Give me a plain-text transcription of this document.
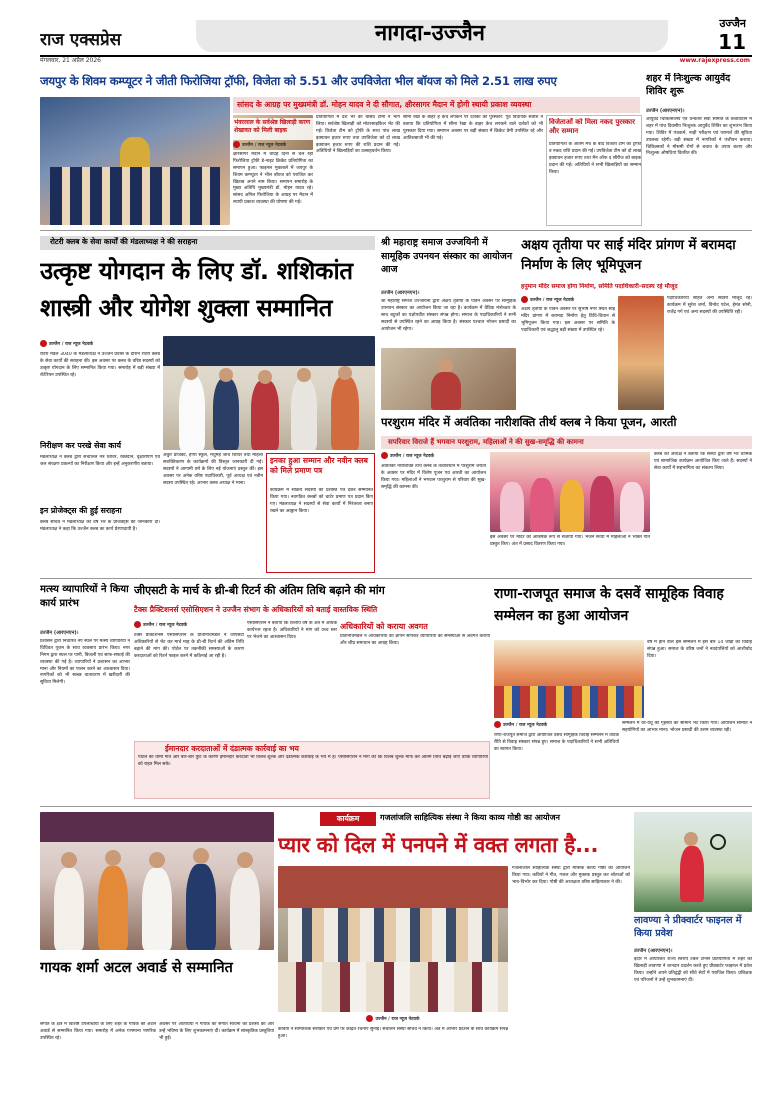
राज एक्सप्रेस	नागदा-उज्जैन	उज्जैन
11
मंगलवार, 21 अप्रैल 2026	www.rajexpress.com
जयपुर के शिवम कम्प्यूटर ने जीती फिरोजिया ट्रॉफी, विजेता को 5.51 और उपविजेता भील बॉयज को मिले 2.51 लाख रुपए
सांसद के आग्रह पर मुख्यमंत्री डॉ. मोहन यादव ने दी सौगात, क्षीरसागर मैदान में होगी स्थायी प्रकाश व्यवस्था
भंवरलाल के सर्वश्रेष्ठ खिलाड़ी करण शेखावत को मिली बाइक
उज्जैन / राज न्यूज नेटवर्क
क्षीरसागर मैदान में चौदह दिनों से चल रही फिरोजिया ट्रॉफी डे-नाइट क्रिकेट प्रतियोगिता का समापन हुआ। फाइनल मुकाबले में जयपुर के शिवम कम्प्यूटर ने भील बॉयज को पराजित कर खिताब अपने नाम किया। समापन समारोह के मुख्य अतिथि मुख्यमंत्री डॉ. मोहन यादव रहे। सांसद अनिल फिरोजिया के आग्रह पर मैदान में स्थायी प्रकाश व्यवस्था की घोषणा की गई।
प्रतियोगिता में देश भर की चौंसठ टीमों ने भाग लिया। सर्वश्रेष्ठ खिलाड़ी को मोटरसाइकिल भेंट की गई। विजेता टीम को ट्रॉफी के साथ पांच लाख इक्यावन हजार रुपए तथा उपविजेता को दो लाख इक्यावन हजार रुपए की राशि प्रदान की गई। अतिथियों ने खिलाड़ियों का उत्साहवर्धन किया।
सीमा रेखा के बाहर हैं केच लपकने पर दर्शकों को पुरस्कार: पूर्व विधायक सतीश ने बताया कि प्रतियोगिता में सीमा रेखा के बाहर केच लपकने वाले दर्शकों को भी पुरस्कार दिया गया। समापन अवसर पर बड़ी संख्या में क्रिकेट प्रेमी उपस्थित रहे और आतिशबाजी भी की गई।
विजेताओं को मिला नकद पुरस्कार और सम्मान
प्रतियोगिता के अंतिम मैच के बाद विजेता टीम को ट्रॉफी व नकद राशि प्रदान की गई। उपविजेता टीम को दो लाख इक्यावन हजार रुपए तथा मैन ऑफ द सीरीज को बाइक प्रदान की गई। अतिथियों ने सभी खिलाड़ियों का सम्मान किया।
शहर में निःशुल्क आयुर्वेद शिविर शुरू
उज्जैन (आरएनएन)।
आयुर्वेद चिकित्सालय एवं धन्वंतरि सेवा समिति के तत्वावधान में शहर में पांच दिवसीय निःशुल्क आयुर्वेद शिविर का शुभारंभ किया गया। शिविर में पंचकर्म, नाड़ी परीक्षण एवं परामर्श की सुविधा उपलब्ध रहेगी। बड़ी संख्या में नागरिकों ने पंजीयन कराया। चिकित्सकों ने मौसमी रोगों से बचाव के उपाय बताए और निःशुल्क औषधियां वितरित की।
रोटरी क्लब के सेवा कार्यों की मंडलाध्यक्ष ने की सराहना
उत्कृष्ट योगदान के लिए डॉ. शशिकांत शास्त्री और योगेश शुक्ला सम्मानित
उज्जैन / राज न्यूज नेटवर्क
रोटरी मंडल 3040 के मंडलाध्यक्ष ने उज्जैन प्रवास के दौरान रोटरी क्लब के सेवा कार्यों की सराहना की। इस अवसर पर क्लब के वरिष्ठ सदस्यों को उत्कृष्ट योगदान के लिए सम्मानित किया गया। समारोह में बड़ी संख्या में रोटेरियन उपस्थित रहे।
निरीक्षण कर परखे सेवा कार्य
मंडलाध्यक्ष ने क्लब द्वारा संचालित नेत्र शिविर, रक्तदान, वृक्षारोपण एवं जल संरक्षण प्रकल्पों का निरीक्षण किया और इन्हें अनुकरणीय बताया।
इन प्रोजेक्ट्स की हुई सराहना
क्लब सचिव ने मंडलाध्यक्ष को वर्ष भर के प्रोजेक्ट्स की जानकारी दी। मंडलाध्यक्ष ने कहा कि उज्जैन क्लब का कार्य प्रेरणादायी है।
अंकुर प्रोजेक्ट, हैप्पी स्कूल, मधुमेह जांच शिविर तथा महिला सशक्तिकरण के कार्यक्रमों की विस्तृत जानकारी दी गई। सदस्यों ने आगामी वर्ष के लिए नई योजनाएं प्रस्तुत कीं। इस अवसर पर अनेक वरिष्ठ पदाधिकारी, पूर्व अध्यक्ष एवं नवीन सदस्य उपस्थित रहे। आभार क्लब अध्यक्ष ने माना।
इनका हुआ सम्मान और नवीन क्लब को मिले प्रमाण पत्र
कार्यक्रम में सक्रिय सदस्यों को प्रशस्ति पत्र देकर सम्मानित किया गया। नवगठित क्लबों को चार्टर प्रमाण पत्र प्रदान किए गए। मंडलाध्यक्ष ने सदस्यों से सेवा कार्यों में निरंतरता बनाए रखने का आह्वान किया।
श्री महाराष्ट्र समाज उज्जयिनी में सामूहिक उपनयन संस्कार का आयोजन आज
उज्जैन (आरएनएन)।
श्री महाराष्ट्र समाज उज्जयिनी द्वारा अक्षय तृतीया के पावन अवसर पर सामूहिक उपनयन संस्कार का आयोजन किया जा रहा है। कार्यक्रम में वैदिक मंत्रोच्चार के साथ बटुकों का यज्ञोपवीत संस्कार संपन्न होगा। समाज के पदाधिकारियों ने सभी सदस्यों से उपस्थित रहने का आग्रह किया है। संस्कार पश्चात भोजन प्रसादी का आयोजन भी रहेगा।
अक्षय तृतीया पर साई मंदिर प्रांगण में बरामदा निर्माण के लिए भूमिपूजन
हनुमान मंदिर समाज होगा निर्माण, समिति पदाधिकारी-सदस्य रहे मौजूद
उज्जैन / राज न्यूज नेटवर्क
अक्षय तृतीया के पावन अवसर पर सुभाष नगर स्थित साई मंदिर प्रांगण में बरामदा निर्माण हेतु विधि-विधान से भूमिपूजन किया गया। इस अवसर पर समिति के पदाधिकारी एवं श्रद्धालु बड़ी संख्या में उपस्थित रहे।
पदाधिकारियों सहित अन्य सदस्य मौजूद रहे। कार्यक्रम में सुरेश शर्मा, विनोद पटेल, हेमंत सोनी, राजेंद्र गर्ग एवं अन्य सदस्यों की उपस्थिति रही।
परशुराम मंदिर में अवंतिका नारीशक्ति तीर्थ क्लब ने किया पूजन, आरती
सपरिवार विराजे हैं भगवान परशुराम, महिलाओं ने की सुख-समृद्धि की कामना
उज्जैन / राज न्यूज नेटवर्क
अवंतिका नारीशक्ति तीर्थ क्लब के तत्वावधान में परशुराम जयंती के अवसर पर मंदिर में विशेष पूजन एवं आरती का आयोजन किया गया। महिलाओं ने भगवान परशुराम से परिवार की सुख-समृद्धि की कामना की।
इस अवसर पर मंदिर को आकर्षक रूप से सजाया गया। भजन संध्या में महिलाओं ने भक्ति गीत प्रस्तुत किए। अंत में प्रसाद वितरण किया गया।
क्लब की अध्यक्ष ने बताया कि संस्था द्वारा वर्ष भर धार्मिक एवं सामाजिक कार्यक्रम आयोजित किए जाते हैं। सदस्यों ने सेवा कार्यों में सहभागिता का संकल्प लिया।
मत्स्य व्यापारियों ने किया कार्य प्रारंभ
उज्जैन (आरएनएन)।
प्रशासन द्वारा निर्धारित नए स्थल पर मत्स्य व्यापारियों ने विधिवत पूजन के साथ व्यवसाय प्रारंभ किया। नगर निगम द्वारा स्थल पर पानी, बिजली एवं साफ-सफाई की व्यवस्था की गई है। व्यापारियों ने प्रशासन का आभार माना और नियमों का पालन करने का आश्वासन दिया। नागरिकों को भी स्वच्छ वातावरण में खरीदारी की सुविधा मिलेगी।
जीएसटी के मार्च के थ्री-बी रिटर्न की अंतिम तिथि बढ़ाने की मांग
टैक्स प्रैक्टिशनर्स एसोसिएशन ने उज्जैन संभाग के अधिकारियों को बताई वास्तविक स्थिति
उज्जैन / राज न्यूज नेटवर्क
टैक्स प्रैक्टिशनर्स एसोसिएशन के प्रतिनिधिमंडल ने जीएसटी अधिकारियों से भेंट कर मार्च माह के थ्री-बी रिटर्न की अंतिम तिथि बढ़ाने की मांग की। पोर्टल पर तकनीकी समस्याओं के कारण करदाताओं को रिटर्न फाइल करने में कठिनाई आ रही है।
एसोसिएशन ने बताया कि वित्तीय वर्ष के अंत में अधिक कार्यभार रहता है। अधिकारियों ने मांग को उच्च स्तर पर भेजने का आश्वासन दिया।
अधिकारियों को कराया अवगत
प्रतिनिधिमंडल ने अधिकारियों को ज्ञापन सौंपकर व्यापारियों की समस्याओं से अवगत कराया और शीघ्र समाधान का आग्रह किया।
ईमानदार करदाताओं में दंडात्मक कार्रवाई का भय
पोर्टल की धीमी गति और बार-बार त्रुटि के कारण ईमानदार करदाता भी विलंब शुल्क और दंडात्मक कार्रवाई के भय में हैं। एसोसिएशन ने मांग की कि विलंब शुल्क माफ कर अंतिम तिथि बढ़ाई जाए ताकि व्यापारियों को राहत मिल सके।
राणा-राजपूत समाज के दसवें सामूहिक विवाह सम्मेलन का हुआ आयोजन
वर्ष में होने वाले इस सम्मेलन में इस बार 14 जोड़ों का विवाह संपन्न हुआ। समाज के वरिष्ठ जनों ने नवदंपत्तियों को आशीर्वाद दिया।
उज्जैन / राज न्यूज नेटवर्क
राणा-राजपूत समाज द्वारा आयोजित दसवें सामूहिक विवाह सम्मेलन में वैदिक रीति से विवाह संस्कार संपन्न हुए। समाज के पदाधिकारियों ने सभी अतिथियों का स्वागत किया।
सम्मेलन में वर-वधू को गृहस्थी का सामान भेंट किया गया। आयोजन समिति ने सहयोगियों का आभार माना। भोजन प्रसादी की उत्तम व्यवस्था रही।
कार्यक्रम	गजलांजलि साहित्यिक संस्था ने किया काव्य गोष्ठी का आयोजन
प्यार को दिल में पनपने में वक्त लगता है...
उज्जैन / राज न्यूज नेटवर्क
गजलांजलि साहित्यिक संस्था द्वारा मासिक काव्य गोष्ठी का आयोजन किया गया। कवियों ने गीत, गजल और मुक्तक प्रस्तुत कर श्रोताओं को भाव-विभोर कर दिया। गोष्ठी की अध्यक्षता वरिष्ठ साहित्यकार ने की।
कवियों ने सामाजिक सरोकार एवं प्रेम पर केंद्रित रचनाएं सुनाईं। संचालन संस्था सचिव ने किया। अंत में आभार प्रदर्शन के साथ कार्यक्रम संपन्न हुआ।
गायक शर्मा अटल अवार्ड से सम्मानित
संगीत के क्षेत्र में विशिष्ट उपलब्धियों के लिए शहर के गायक को अटल अवार्ड से सम्मानित किया गया। समारोह में अनेक गणमान्य नागरिक उपस्थित रहे।
अवसर पर अतिथियों ने गायक की संगीत साधना की प्रशंसा की और उन्हें भविष्य के लिए शुभकामनाएं दीं। कार्यक्रम में सांस्कृतिक प्रस्तुतियां भी हुईं।
लावण्या ने प्रीक्वार्टर फाइनल में किया प्रवेश
उज्जैन (आरएनएन)।
इंदौर में आयोजित राज्य स्तरीय टेबल टेनिस प्रतियोगिता में शहर की खिलाड़ी लावण्या ने शानदार प्रदर्शन करते हुए प्रीक्वार्टर फाइनल में प्रवेश किया। उन्होंने अपने प्रतिद्वंद्वी को सीधे सेटों में पराजित किया। प्रशिक्षक एवं परिजनों ने उन्हें शुभकामनाएं दीं।
